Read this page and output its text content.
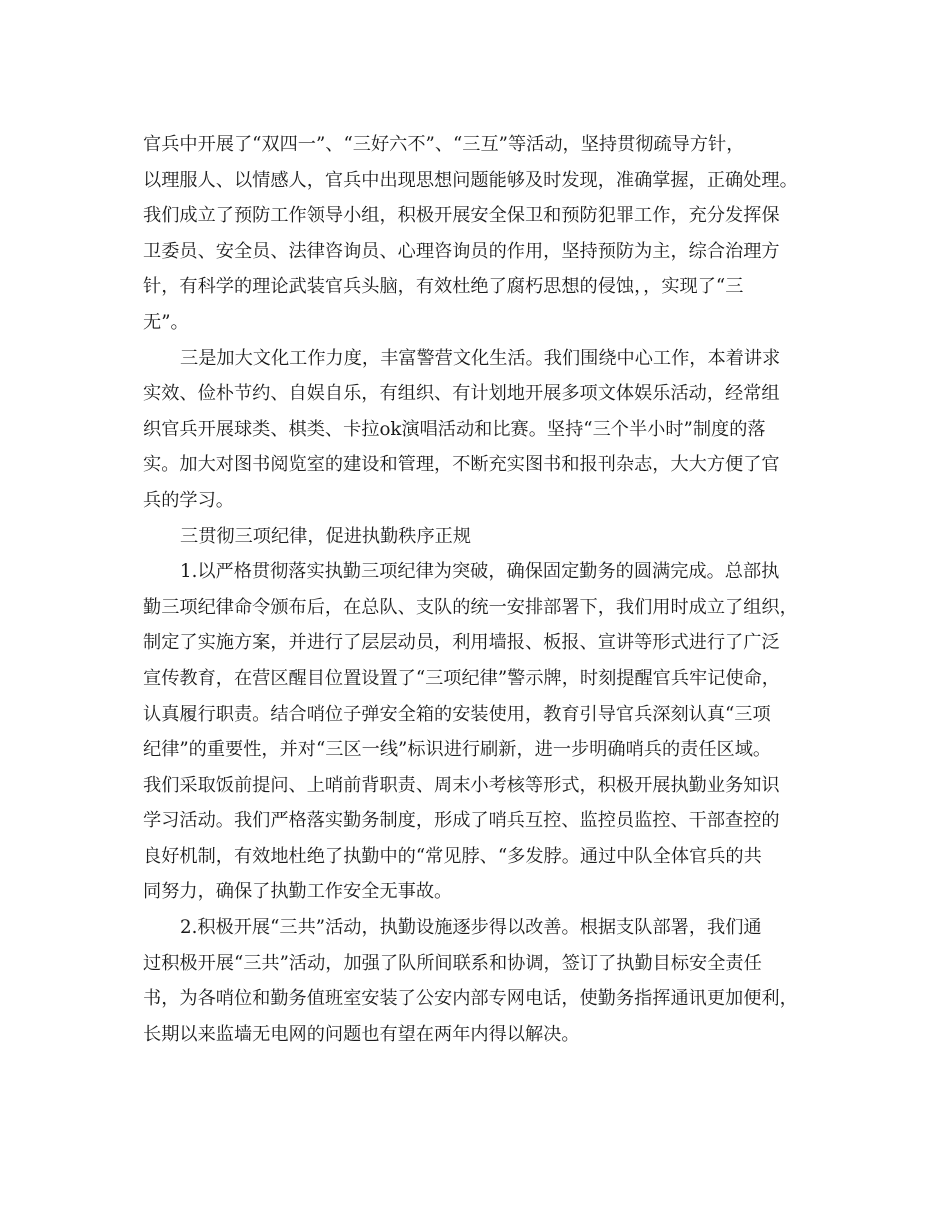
官兵中开展了“双四一”、“三好六不”、“三互”等活动，坚持贯彻疏导方针，
以理服人、以情感人，官兵中出现思想问题能够及时发现，准确掌握，正确处理。
我们成立了预防工作领导小组，积极开展安全保卫和预防犯罪工作，充分发挥保
卫委员、安全员、法律咨询员、心理咨询员的作用，坚持预防为主，综合治理方
针，有科学的理论武装官兵头脑，有效杜绝了腐朽思想的侵蚀，，实现了“三
无”。
三是加大文化工作力度，丰富警营文化生活。我们围绕中心工作，本着讲求
实效、俭朴节约、自娱自乐，有组织、有计划地开展多项文体娱乐活动，经常组
织官兵开展球类、棋类、卡拉ok演唱活动和比赛。坚持“三个半小时”制度的落
实。加大对图书阅览室的建设和管理，不断充实图书和报刊杂志，大大方便了官
兵的学习。
三贯彻三项纪律，促进执勤秩序正规
1.以严格贯彻落实执勤三项纪律为突破，确保固定勤务的圆满完成。总部执
勤三项纪律命令颁布后，在总队、支队的统一安排部署下，我们用时成立了组织，
制定了实施方案，并进行了层层动员，利用墙报、板报、宣讲等形式进行了广泛
宣传教育，在营区醒目位置设置了“三项纪律”警示牌，时刻提醒官兵牢记使命，
认真履行职责。结合哨位子弹安全箱的安装使用，教育引导官兵深刻认真“三项
纪律”的重要性，并对“三区一线”标识进行刷新，进一步明确哨兵的责任区域。
我们采取饭前提问、上哨前背职责、周末小考核等形式，积极开展执勤业务知识
学习活动。我们严格落实勤务制度，形成了哨兵互控、监控员监控、干部查控的
良好机制，有效地杜绝了执勤中的“常见脖、“多发脖。通过中队全体官兵的共
同努力，确保了执勤工作安全无事故。
2.积极开展“三共”活动，执勤设施逐步得以改善。根据支队部署，我们通
过积极开展“三共”活动，加强了队所间联系和协调，签订了执勤目标安全责任
书，为各哨位和勤务值班室安装了公安内部专网电话，使勤务指挥通讯更加便利，
长期以来监墙无电网的问题也有望在两年内得以解决。
